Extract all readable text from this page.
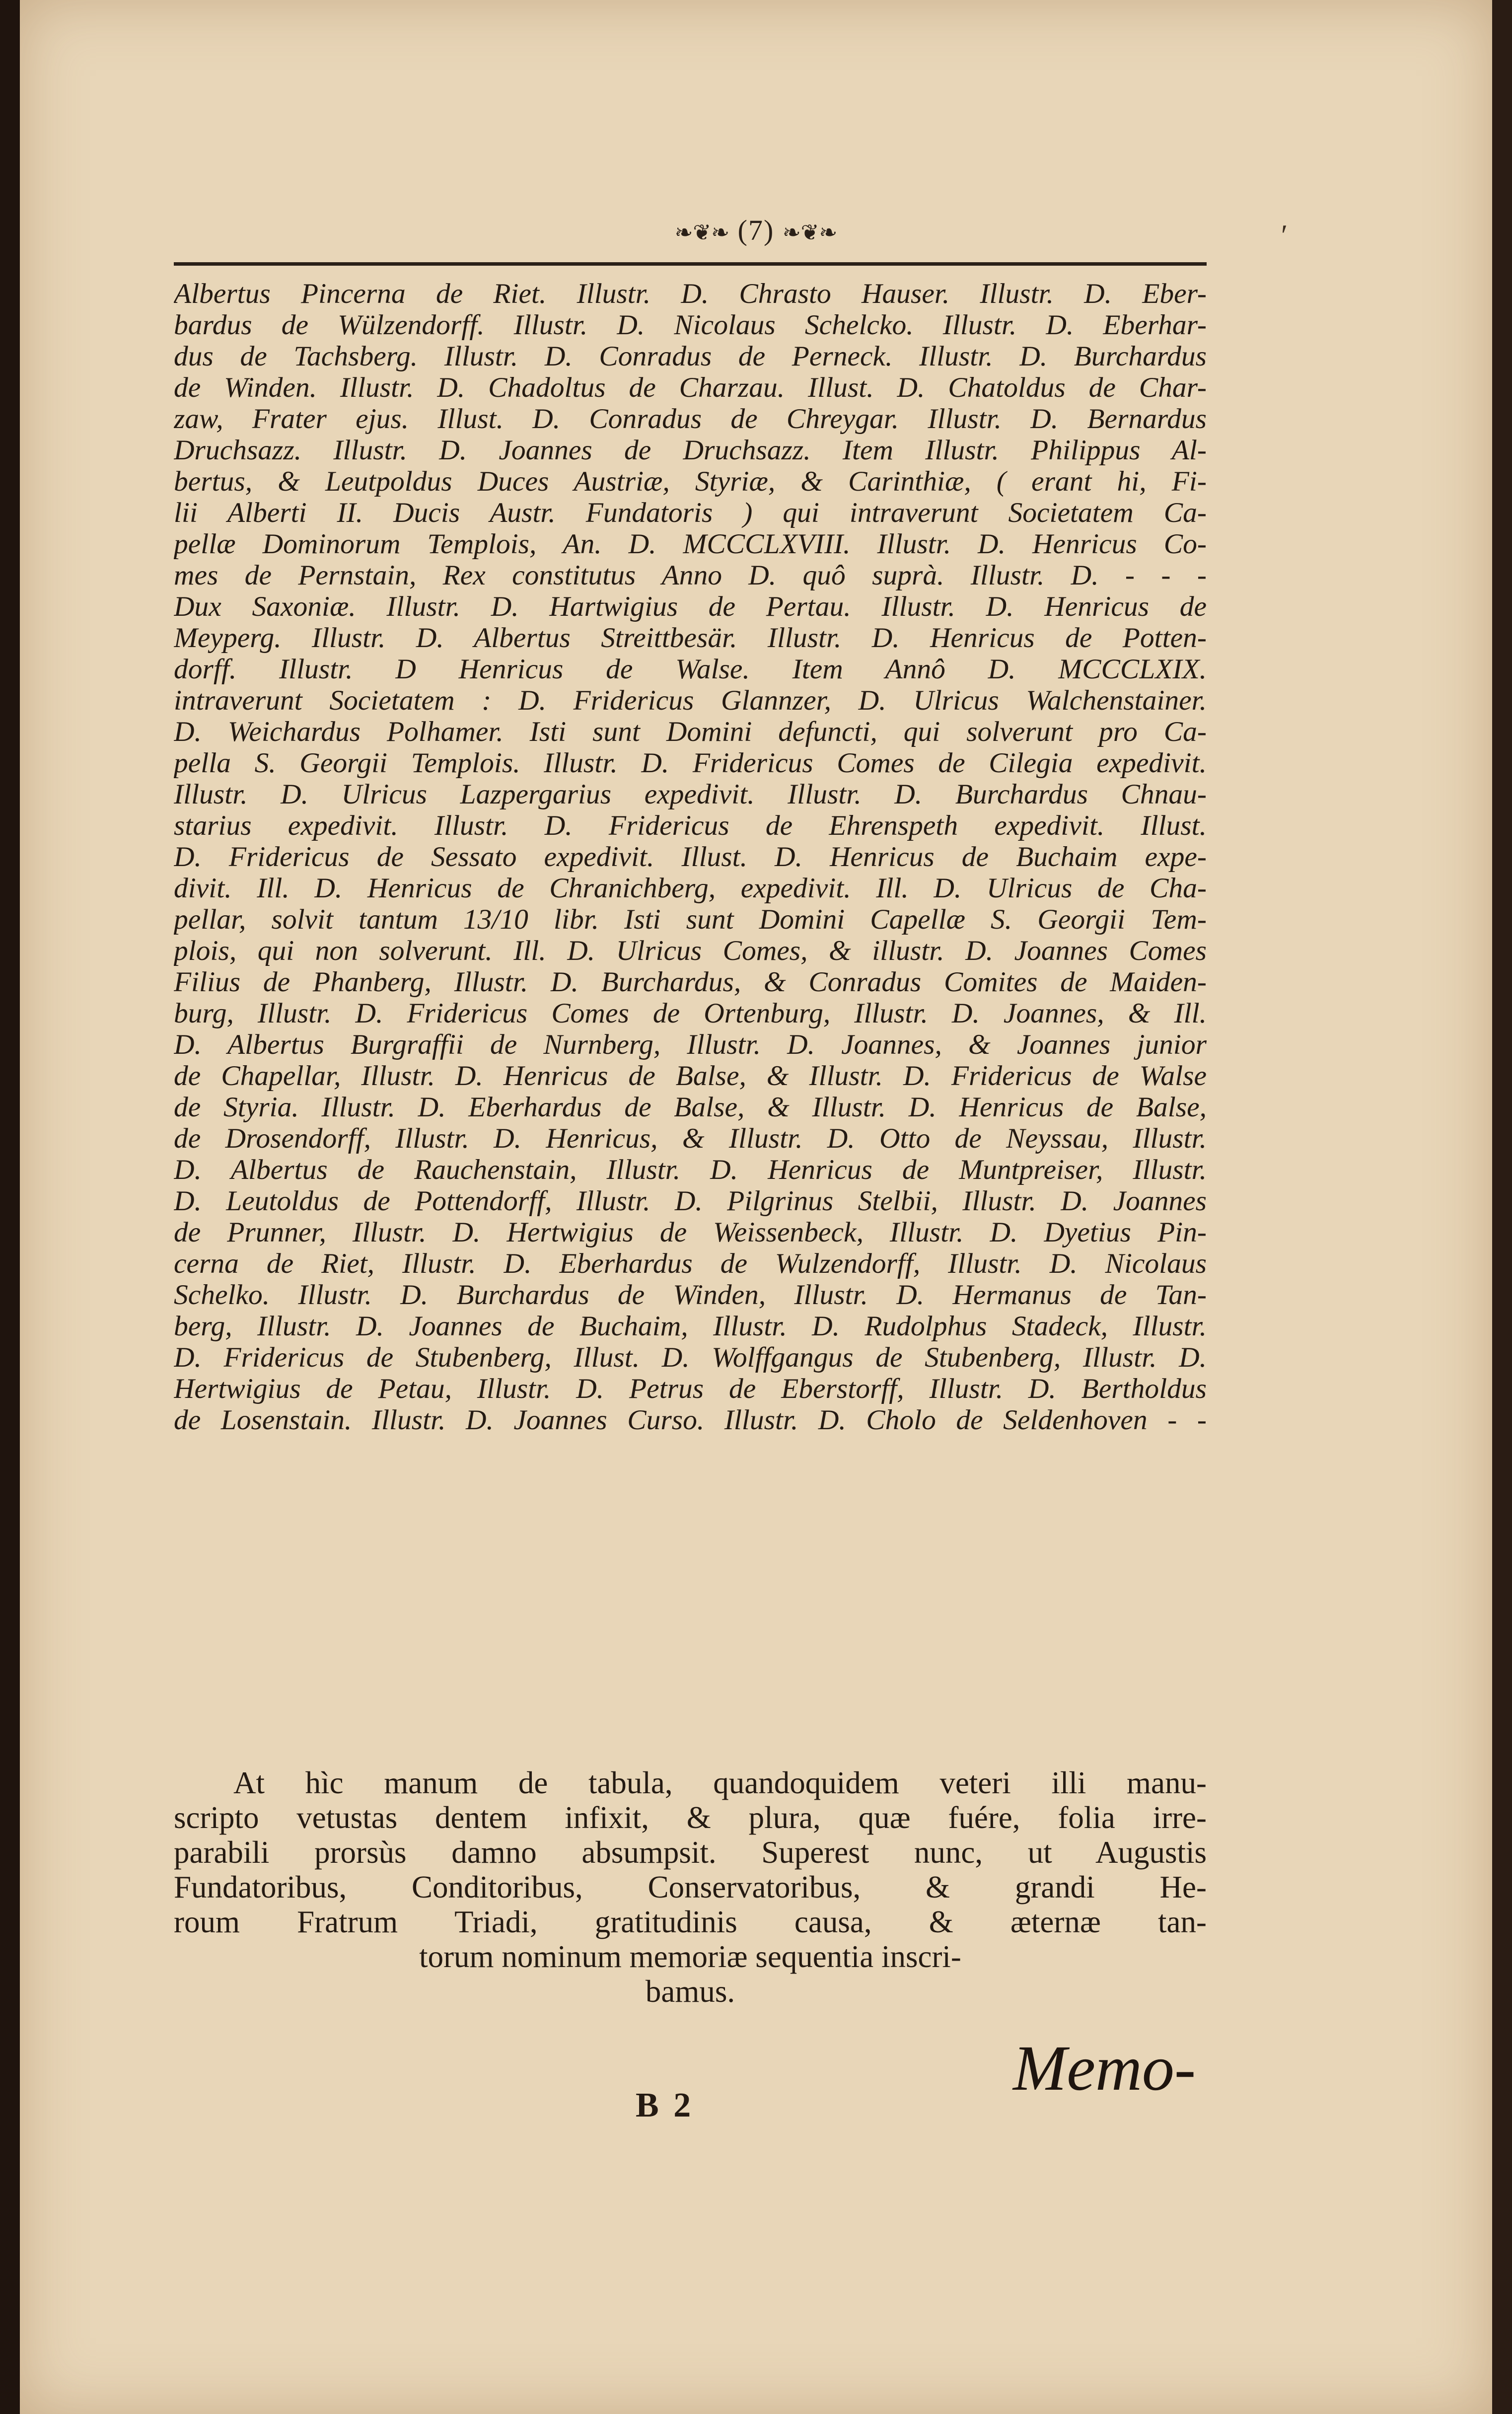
❧❦❧ (7) ❧❦❧
Albertus Pincerna de Riet. Illustr. D. Chrasto Hauser. Illustr. D. Eber-
bardus de Wülzendorff. Illustr. D. Nicolaus Schelcko. Illustr. D. Eberhar-
dus de Tachsberg. Illustr. D. Conradus de Perneck. Illustr. D. Burchardus
de Winden. Illustr. D. Chadoltus de Charzau. Illust. D. Chatoldus de Char-
zaw, Frater ejus. Illust. D. Conradus de Chreygar. Illustr. D. Bernardus
Druchsazz. Illustr. D. Joannes de Druchsazz. Item Illustr. Philippus Al-
bertus, & Leutpoldus Duces Austriæ, Styriæ, & Carinthiæ, ( erant hi, Fi-
lii Alberti II. Ducis Austr. Fundatoris ) qui intraverunt Societatem Ca-
pellæ Dominorum Templois, An. D. MCCCLXVIII. Illustr. D. Henricus Co-
mes de Pernstain, Rex constitutus Anno D. quô suprà. Illustr. D. - - -
Dux Saxoniæ. Illustr. D. Hartwigius de Pertau. Illustr. D. Henricus de
Meyperg. Illustr. D. Albertus Streittbesär. Illustr. D. Henricus de Potten-
dorff. Illustr. D Henricus de Walse. Item Annô D. MCCCLXIX.
intraverunt Societatem : D. Fridericus Glannzer, D. Ulricus Walchenstainer.
D. Weichardus Polhamer. Isti sunt Domini defuncti, qui solverunt pro Ca-
pella S. Georgii Templois. Illustr. D. Fridericus Comes de Cilegia expedivit.
Illustr. D. Ulricus Lazpergarius expedivit. Illustr. D. Burchardus Chnau-
starius expedivit. Illustr. D. Fridericus de Ehrenspeth expedivit. Illust.
D. Fridericus de Sessato expedivit. Illust. D. Henricus de Buchaim expe-
divit. Ill. D. Henricus de Chranichberg, expedivit. Ill. D. Ulricus de Cha-
pellar, solvit tantum 13/10 libr. Isti sunt Domini Capellæ S. Georgii Tem-
plois, qui non solverunt. Ill. D. Ulricus Comes, & illustr. D. Joannes Comes
Filius de Phanberg, Illustr. D. Burchardus, & Conradus Comites de Maiden-
burg, Illustr. D. Fridericus Comes de Ortenburg, Illustr. D. Joannes, & Ill.
D. Albertus Burgraffii de Nurnberg, Illustr. D. Joannes, & Joannes junior
de Chapellar, Illustr. D. Henricus de Balse, & Illustr. D. Fridericus de Walse
de Styria. Illustr. D. Eberhardus de Balse, & Illustr. D. Henricus de Balse,
de Drosendorff, Illustr. D. Henricus, & Illustr. D. Otto de Neyssau, Illustr.
D. Albertus de Rauchenstain, Illustr. D. Henricus de Muntpreiser, Illustr.
D. Leutoldus de Pottendorff, Illustr. D. Pilgrinus Stelbii, Illustr. D. Joannes
de Prunner, Illustr. D. Hertwigius de Weissenbeck, Illustr. D. Dyetius Pin-
cerna de Riet, Illustr. D. Eberhardus de Wulzendorff, Illustr. D. Nicolaus
Schelko. Illustr. D. Burchardus de Winden, Illustr. D. Hermanus de Tan-
berg, Illustr. D. Joannes de Buchaim, Illustr. D. Rudolphus Stadeck, Illustr.
D. Fridericus de Stubenberg, Illust. D. Wolffgangus de Stubenberg, Illustr. D.
Hertwigius de Petau, Illustr. D. Petrus de Eberstorff, Illustr. D. Bertholdus
de Losenstain. Illustr. D. Joannes Curso. Illustr. D. Cholo de Seldenhoven - -
At hìc manum de tabula, quandoquidem veteri illi manu-
scripto vetustas dentem infixit, & plura, quæ fuére, folia irre-
parabili prorsùs damno absumpsit. Superest nunc, ut Augustis
Fundatoribus, Conditoribus, Conservatoribus, & grandi He-
roum Fratrum Triadi, gratitudinis causa, & æternæ tan-
torum nominum memoriæ sequentia inscri-
bamus.
Memo-
B 2
ʹ
